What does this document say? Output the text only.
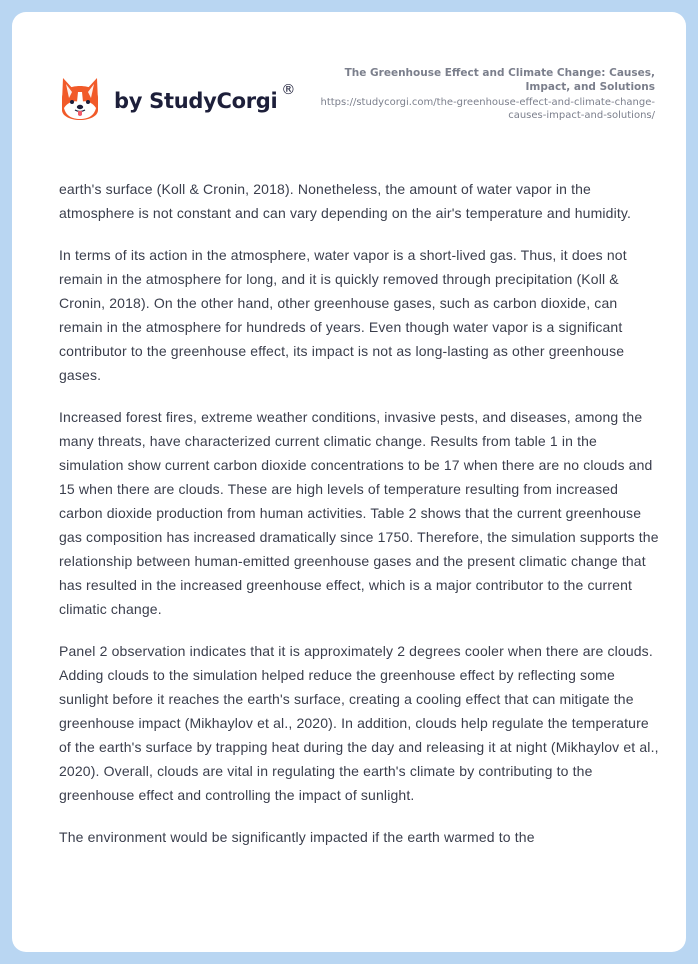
by StudyCorgi ®

The Greenhouse Effect and Climate Change: Causes, Impact, and Solutions

https://studycorgi.com/the-greenhouse-effect-and-climate-change-causes-impact-and-solutions/

earth's surface (Koll & Cronin, 2018). Nonetheless, the amount of water vapor in the atmosphere is not constant and can vary depending on the air's temperature and humidity.

In terms of its action in the atmosphere, water vapor is a short-lived gas. Thus, it does not remain in the atmosphere for long, and it is quickly removed through precipitation (Koll & Cronin, 2018). On the other hand, other greenhouse gases, such as carbon dioxide, can remain in the atmosphere for hundreds of years. Even though water vapor is a significant contributor to the greenhouse effect, its impact is not as long-lasting as other greenhouse gases.

Increased forest fires, extreme weather conditions, invasive pests, and diseases, among the many threats, have characterized current climatic change. Results from table 1 in the simulation show current carbon dioxide concentrations to be 17 when there are no clouds and 15 when there are clouds. These are high levels of temperature resulting from increased carbon dioxide production from human activities. Table 2 shows that the current greenhouse gas composition has increased dramatically since 1750. Therefore, the simulation supports the relationship between human-emitted greenhouse gases and the present climatic change that has resulted in the increased greenhouse effect, which is a major contributor to the current climatic change.

Panel 2 observation indicates that it is approximately 2 degrees cooler when there are clouds. Adding clouds to the simulation helped reduce the greenhouse effect by reflecting some sunlight before it reaches the earth's surface, creating a cooling effect that can mitigate the greenhouse impact (Mikhaylov et al., 2020). In addition, clouds help regulate the temperature of the earth's surface by trapping heat during the day and releasing it at night (Mikhaylov et al., 2020). Overall, clouds are vital in regulating the earth's climate by contributing to the greenhouse effect and controlling the impact of sunlight.

The environment would be significantly impacted if the earth warmed to the
